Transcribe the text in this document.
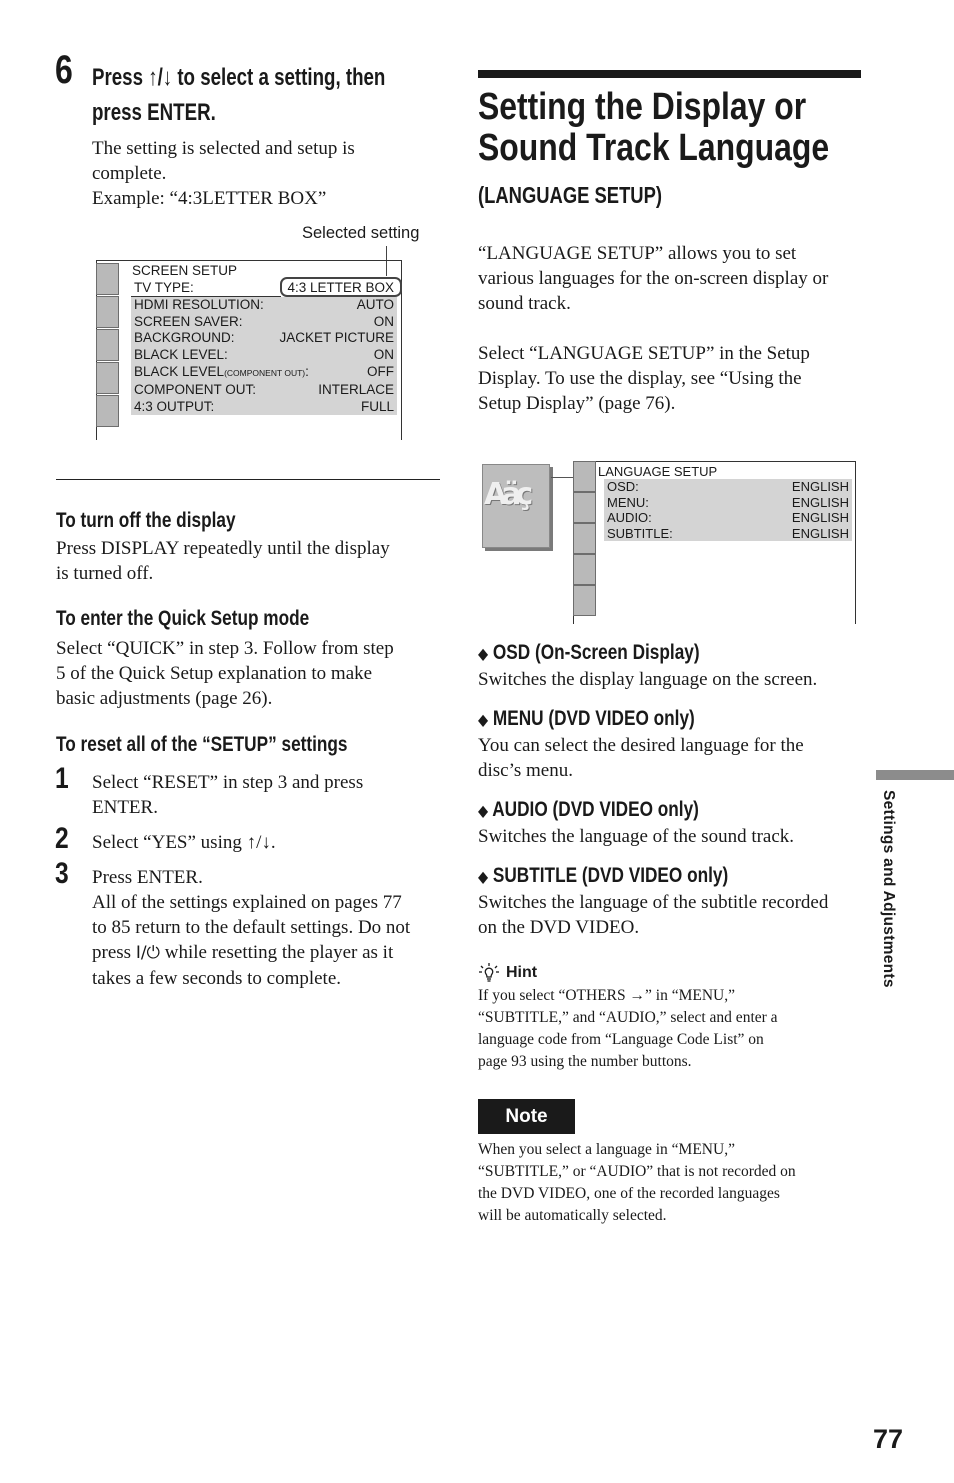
6 Press ↑/↓ to select a setting, then
press ENTER.
The setting is selected and setup is
complete.
Example: “4:3LETTER BOX”
Selected setting
SCREEN SETUP
TV TYPE:	4:3 LETTER BOX
HDMI RESOLUTION:	AUTO
SCREEN SAVER:	ON
BACKGROUND:	JACKET PICTURE
BLACK LEVEL:	ON
BLACK LEVEL(COMPONENT OUT):	OFF
COMPONENT OUT:	INTERLACE
4:3 OUTPUT:	FULL
To turn off the display
Press DISPLAY repeatedly until the display
is turned off.
To enter the Quick Setup mode
Select “QUICK” in step 3. Follow from step
5 of the Quick Setup explanation to make
basic adjustments (page 26).
To reset all of the “SETUP” settings
1 Select “RESET” in step 3 and press
ENTER.
2 Select “YES” using ↑/↓.
3 Press ENTER.
All of the settings explained on pages 77
to 85 return to the default settings. Do not
press I/⏻ while resetting the player as it
takes a few seconds to complete.
Setting the Display or
Sound Track Language
(LANGUAGE SETUP)
“LANGUAGE SETUP” allows you to set
various languages for the on-screen display or
sound track.
Select “LANGUAGE SETUP” in the Setup
Display. To use the display, see “Using the
Setup Display” (page 76).
Aäç
LANGUAGE SETUP
OSD:	ENGLISH
MENU:	ENGLISH
AUDIO:	ENGLISH
SUBTITLE:	ENGLISH
◆ OSD (On-Screen Display)
Switches the display language on the screen.
◆ MENU (DVD VIDEO only)
You can select the desired language for the
disc’s menu.
◆ AUDIO (DVD VIDEO only)
Switches the language of the sound track.
◆ SUBTITLE (DVD VIDEO only)
Switches the language of the subtitle recorded
on the DVD VIDEO.
Hint
If you select “OTHERS →” in “MENU,”
“SUBTITLE,” and “AUDIO,” select and enter a
language code from “Language Code List” on
page 93 using the number buttons.
Note
When you select a language in “MENU,”
“SUBTITLE,” or “AUDIO” that is not recorded on
the DVD VIDEO, one of the recorded languages
will be automatically selected.
Settings and Adjustments
77
